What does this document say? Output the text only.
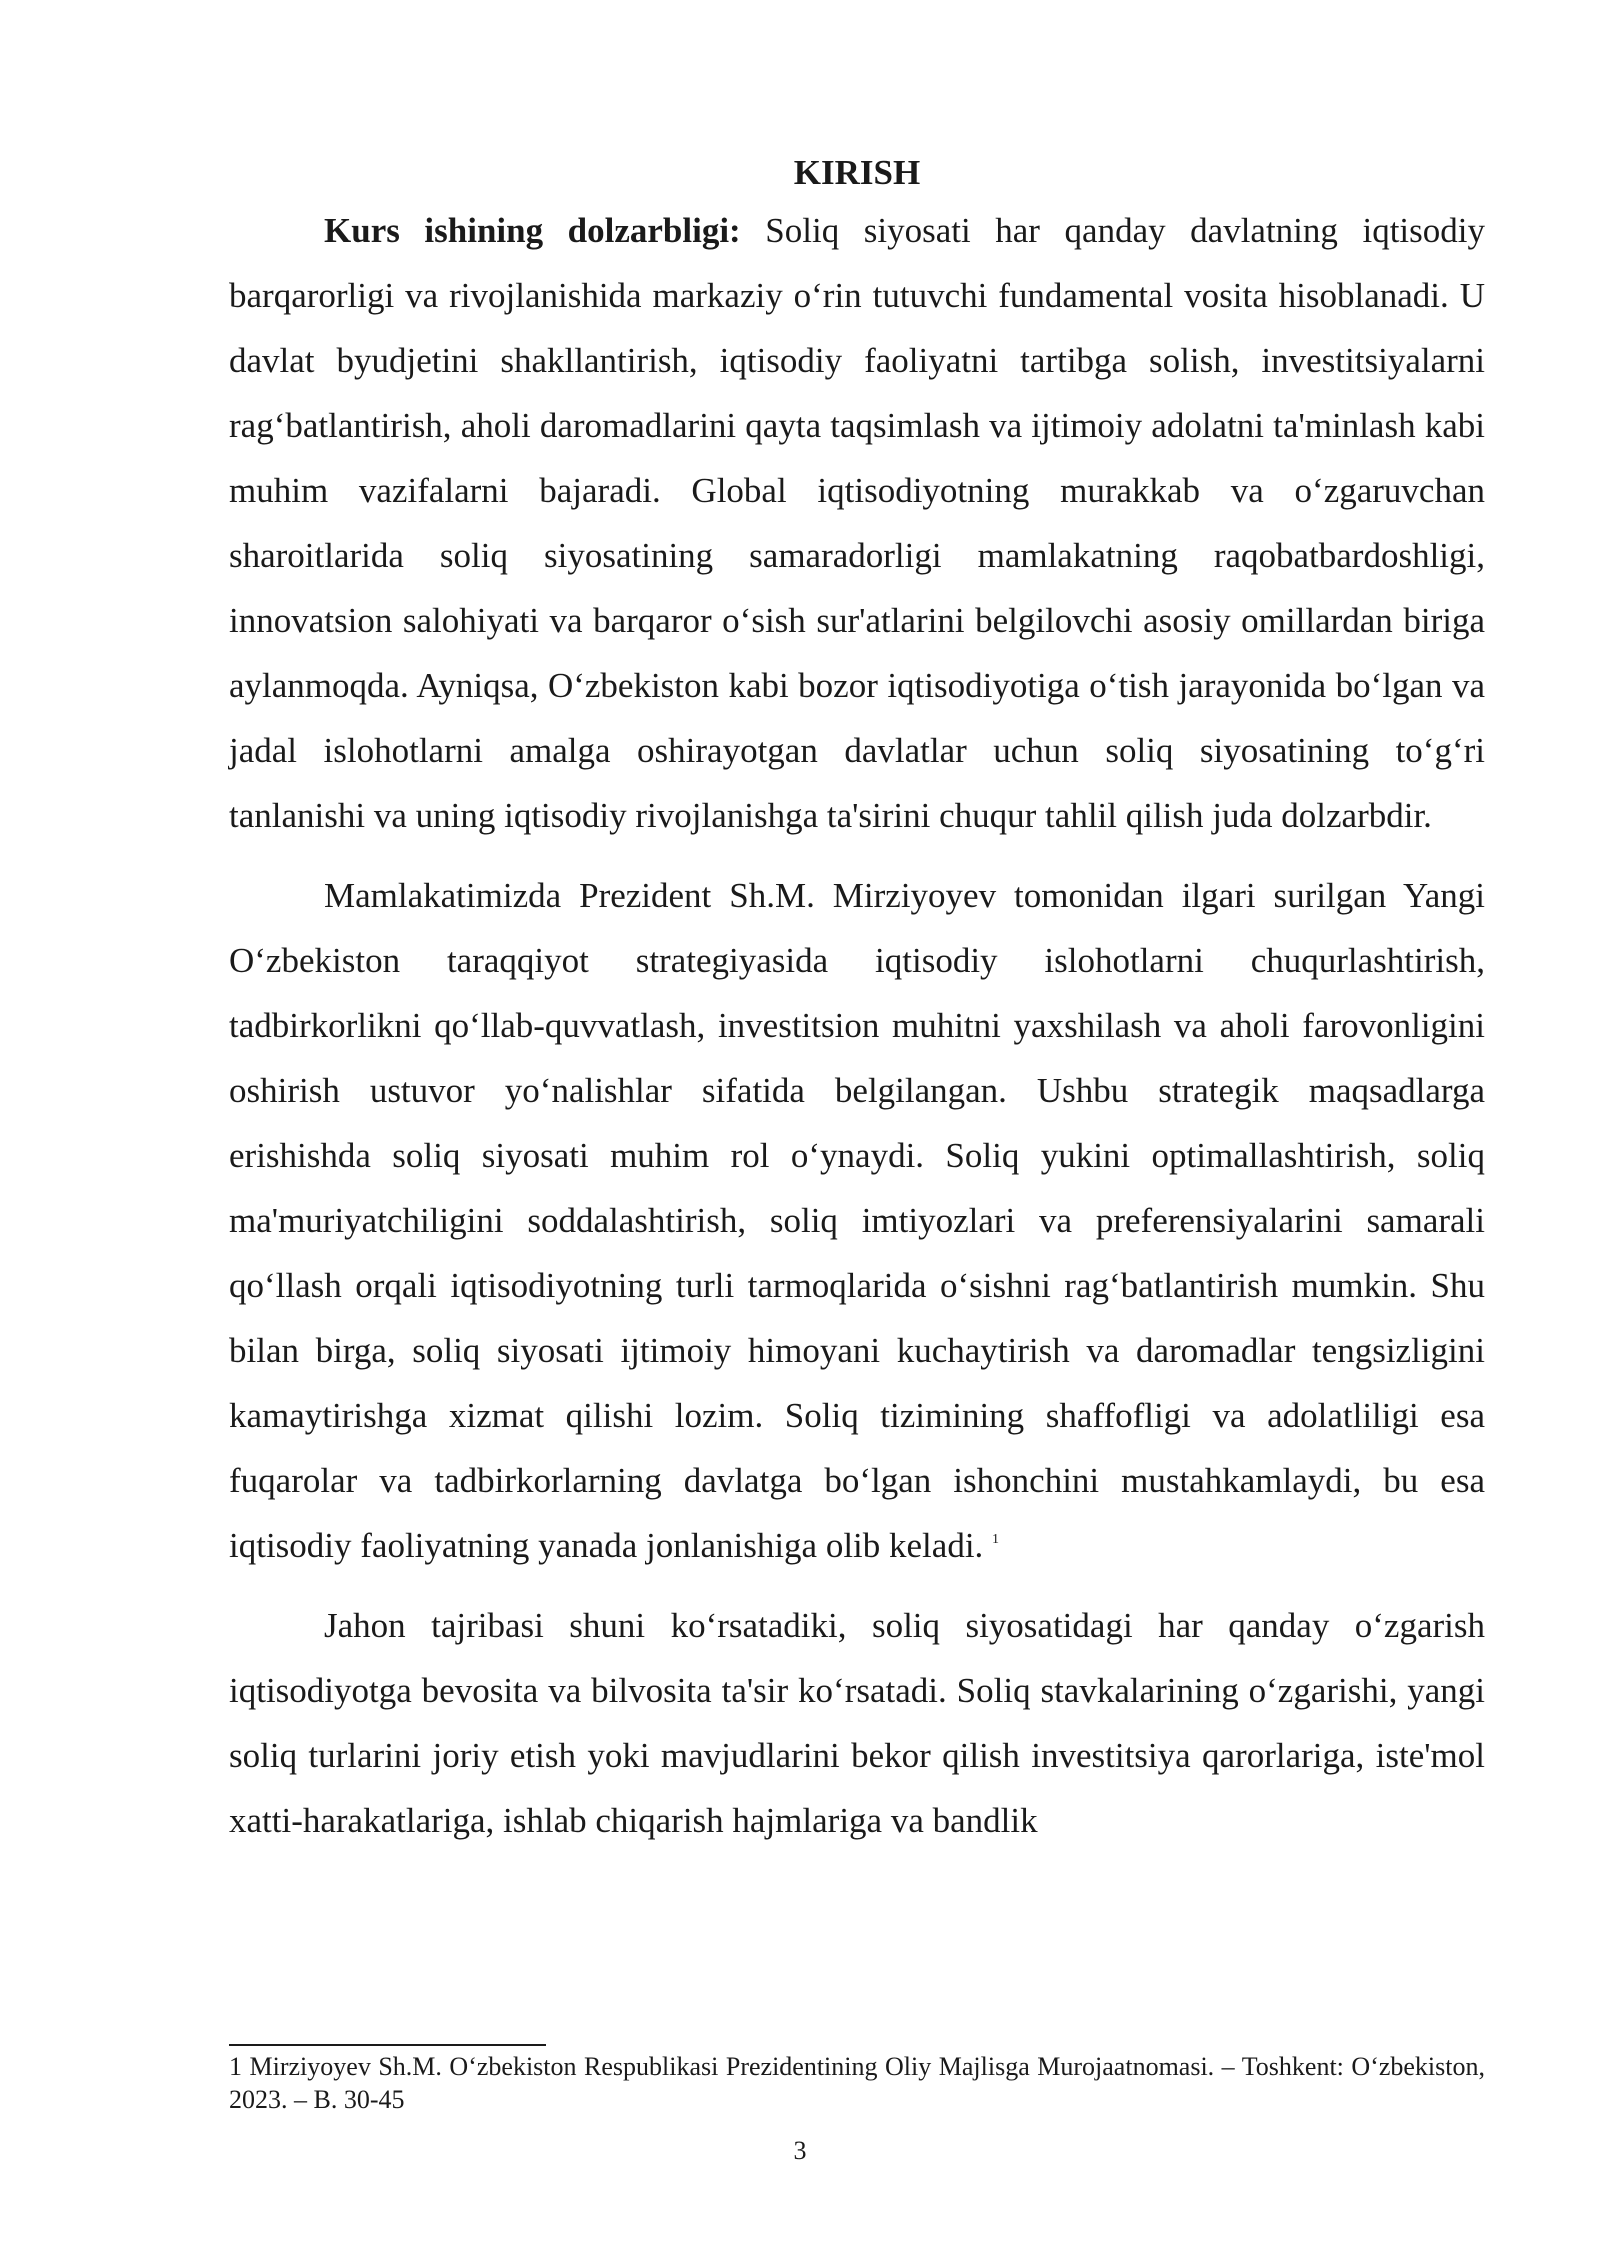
KIRISH

Kurs ishining dolzarbligi: Soliq siyosati har qanday davlatning iqtisodiy barqarorligi va rivojlanishida markaziy o‘rin tutuvchi fundamental vosita hisoblanadi. U davlat byudjetini shakllantirish, iqtisodiy faoliyatni tartibga solish, investitsiyalarni rag‘batlantirish, aholi daromadlarini qayta taqsimlash va ijtimoiy adolatni ta'minlash kabi muhim vazifalarni bajaradi. Global iqtisodiyotning murakkab va o‘zgaruvchan sharoitlarida soliq siyosatining samaradorligi mamlakatning raqobatbardoshligi, innovatsion salohiyati va barqaror o‘sish sur'atlarini belgilovchi asosiy omillardan biriga aylanmoqda. Ayniqsa, O‘zbekiston kabi bozor iqtisodiyotiga o‘tish jarayonida bo‘lgan va jadal islohotlarni amalga oshirayotgan davlatlar uchun soliq siyosatining to‘g‘ri tanlanishi va uning iqtisodiy rivojlanishga ta'sirini chuqur tahlil qilish juda dolzarbdir.

Mamlakatimizda Prezident Sh.M. Mirziyoyev tomonidan ilgari surilgan Yangi O‘zbekiston taraqqiyot strategiyasida iqtisodiy islohotlarni chuqurlashtirish, tadbirkorlikni qo‘llab-quvvatlash, investitsion muhitni yaxshilash va aholi farovonligini oshirish ustuvor yo‘nalishlar sifatida belgilangan. Ushbu strategik maqsadlarga erishishda soliq siyosati muhim rol o‘ynaydi. Soliq yukini optimallashtirish, soliq ma'muriyatchiligini soddalashtirish, soliq imtiyozlari va preferensiyalarini samarali qo‘llash orqali iqtisodiyotning turli tarmoqlarida o‘sishni rag‘batlantirish mumkin. Shu bilan birga, soliq siyosati ijtimoiy himoyani kuchaytirish va daromadlar tengsizligini kamaytirishga xizmat qilishi lozim. Soliq tizimining shaffofligi va adolatliligi esa fuqarolar va tadbirkorlarning davlatga bo‘lgan ishonchini mustahkamlaydi, bu esa iqtisodiy faoliyatning yanada jonlanishiga olib keladi. $^1$

Jahon tajribasi shuni ko‘rsatadiki, soliq siyosatidagi har qanday o‘zgarish iqtisodiyotga bevosita va bilvosita ta'sir ko‘rsatadi. Soliq stavkalarining o‘zgarishi, yangi soliq turlarini joriy etish yoki mavjudlarini bekor qilish investitsiya qarorlariga, iste'mol xatti-harakatlariga, ishlab chiqarish hajmlariga va bandlik

1 Mirziyoyev Sh.M. O‘zbekiston Respublikasi Prezidentining Oliy Majlisga Murojaatnomasi. – Toshkent: O‘zbekiston, 2023. – B. 30-45

3
